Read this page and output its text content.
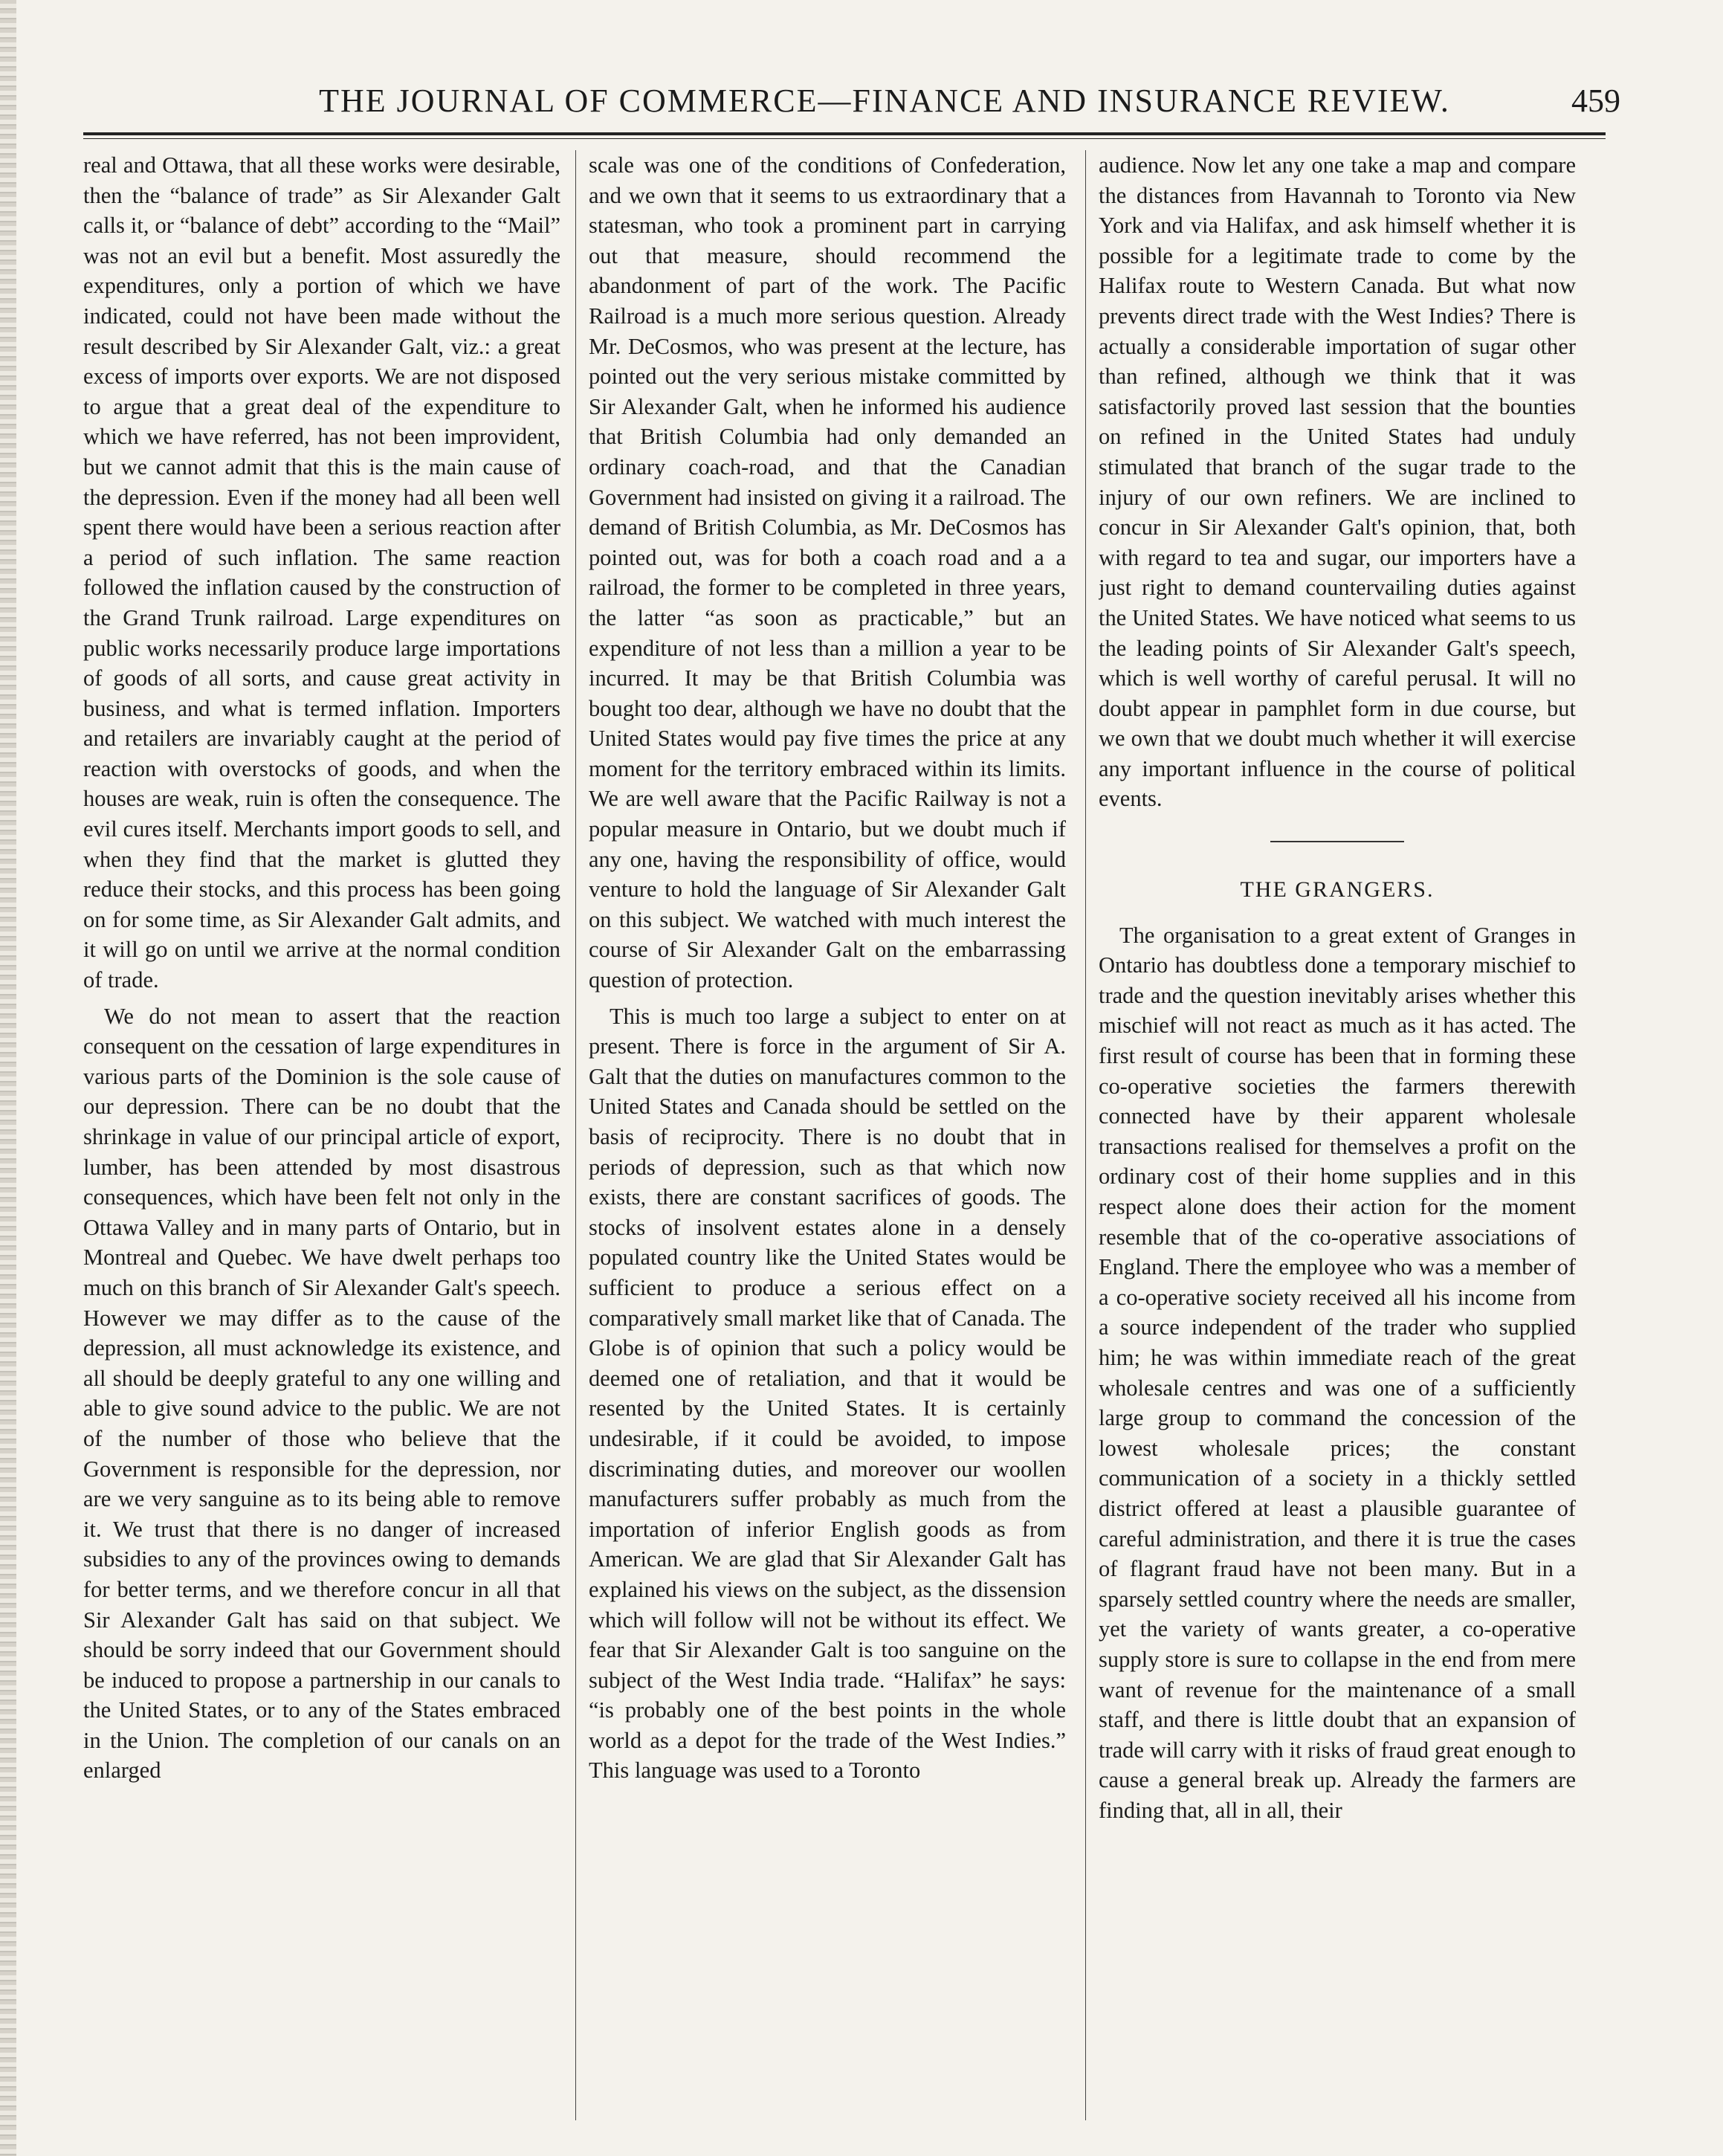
THE JOURNAL OF COMMERCE—FINANCE AND INSURANCE REVIEW.	459

real and Ottawa, that all these works were desirable, then the “balance of trade” as Sir Alexander Galt calls it, or “balance of debt” according to the “Mail” was not an evil but a benefit. Most assuredly the expenditures, only a portion of which we have indicated, could not have been made without the result described by Sir Alexander Galt, viz.: a great excess of imports over exports. We are not disposed to argue that a great deal of the expenditure to which we have referred, has not been improvident, but we cannot admit that this is the main cause of the depression. Even if the money had all been well spent there would have been a serious reaction after a period of such inflation. The same reaction followed the inflation caused by the construction of the Grand Trunk railroad. Large expenditures on public works necessarily produce large importations of goods of all sorts, and cause great activity in business, and what is termed inflation. Importers and retailers are invariably caught at the period of reaction with overstocks of goods, and when the houses are weak, ruin is often the consequence. The evil cures itself. Merchants import goods to sell, and when they find that the market is glutted they reduce their stocks, and this process has been going on for some time, as Sir Alexander Galt admits, and it will go on until we arrive at the normal condition of trade.

We do not mean to assert that the reaction consequent on the cessation of large expenditures in various parts of the Dominion is the sole cause of our depression. There can be no doubt that the shrinkage in value of our principal article of export, lumber, has been attended by most disastrous consequences, which have been felt not only in the Ottawa Valley and in many parts of Ontario, but in Montreal and Quebec. We have dwelt perhaps too much on this branch of Sir Alexander Galt's speech. However we may differ as to the cause of the depression, all must acknowledge its existence, and all should be deeply grateful to any one willing and able to give sound advice to the public. We are not of the number of those who believe that the Government is responsible for the depression, nor are we very sanguine as to its being able to remove it. We trust that there is no danger of increased subsidies to any of the provinces owing to demands for better terms, and we therefore concur in all that Sir Alexander Galt has said on that subject. We should be sorry indeed that our Government should be induced to propose a partnership in our canals to the United States, or to any of the States embraced in the Union. The completion of our canals on an enlarged

scale was one of the conditions of Confederation, and we own that it seems to us extraordinary that a statesman, who took a prominent part in carrying out that measure, should recommend the abandonment of part of the work. The Pacific Railroad is a much more serious question. Already Mr. DeCosmos, who was present at the lecture, has pointed out the very serious mistake committed by Sir Alexander Galt, when he informed his audience that British Columbia had only demanded an ordinary coach-road, and that the Canadian Government had insisted on giving it a railroad. The demand of British Columbia, as Mr. DeCosmos has pointed out, was for both a coach road and a a railroad, the former to be completed in three years, the latter “as soon as practicable,” but an expenditure of not less than a million a year to be incurred. It may be that British Columbia was bought too dear, although we have no doubt that the United States would pay five times the price at any moment for the territory embraced within its limits. We are well aware that the Pacific Railway is not a popular measure in Ontario, but we doubt much if any one, having the responsibility of office, would venture to hold the language of Sir Alexander Galt on this subject. We watched with much interest the course of Sir Alexander Galt on the embarrassing question of protection.

This is much too large a subject to enter on at present. There is force in the argument of Sir A. Galt that the duties on manufactures common to the United States and Canada should be settled on the basis of reciprocity. There is no doubt that in periods of depression, such as that which now exists, there are constant sacrifices of goods. The stocks of insolvent estates alone in a densely populated country like the United States would be sufficient to produce a serious effect on a comparatively small market like that of Canada. The Globe is of opinion that such a policy would be deemed one of retaliation, and that it would be resented by the United States. It is certainly undesirable, if it could be avoided, to impose discriminating duties, and moreover our woollen manufacturers suffer probably as much from the importation of inferior English goods as from American. We are glad that Sir Alexander Galt has explained his views on the subject, as the dissension which will follow will not be without its effect. We fear that Sir Alexander Galt is too sanguine on the subject of the West India trade. “Halifax” he says: “is probably one of the best points in the whole world as a depot for the trade of the West Indies.” This language was used to a Toronto

audience. Now let any one take a map and compare the distances from Havannah to Toronto via New York and via Halifax, and ask himself whether it is possible for a legitimate trade to come by the Halifax route to Western Canada. But what now prevents direct trade with the West Indies? There is actually a considerable importation of sugar other than refined, although we think that it was satisfactorily proved last session that the bounties on refined in the United States had unduly stimulated that branch of the sugar trade to the injury of our own refiners. We are inclined to concur in Sir Alexander Galt's opinion, that, both with regard to tea and sugar, our importers have a just right to demand countervailing duties against the United States. We have noticed what seems to us the leading points of Sir Alexander Galt's speech, which is well worthy of careful perusal. It will no doubt appear in pamphlet form in due course, but we own that we doubt much whether it will exercise any important influence in the course of political events.

THE GRANGERS.

The organisation to a great extent of Granges in Ontario has doubtless done a temporary mischief to trade and the question inevitably arises whether this mischief will not react as much as it has acted. The first result of course has been that in forming these co-operative societies the farmers therewith connected have by their apparent wholesale transactions realised for themselves a profit on the ordinary cost of their home supplies and in this respect alone does their action for the moment resemble that of the co-operative associations of England. There the employee who was a member of a co-operative society received all his income from a source independent of the trader who supplied him; he was within immediate reach of the great wholesale centres and was one of a sufficiently large group to command the concession of the lowest wholesale prices; the constant communication of a society in a thickly settled district offered at least a plausible guarantee of careful administration, and there it is true the cases of flagrant fraud have not been many. But in a sparsely settled country where the needs are smaller, yet the variety of wants greater, a co-operative supply store is sure to collapse in the end from mere want of revenue for the maintenance of a small staff, and there is little doubt that an expansion of trade will carry with it risks of fraud great enough to cause a general break up. Already the farmers are finding that, all in all, their
